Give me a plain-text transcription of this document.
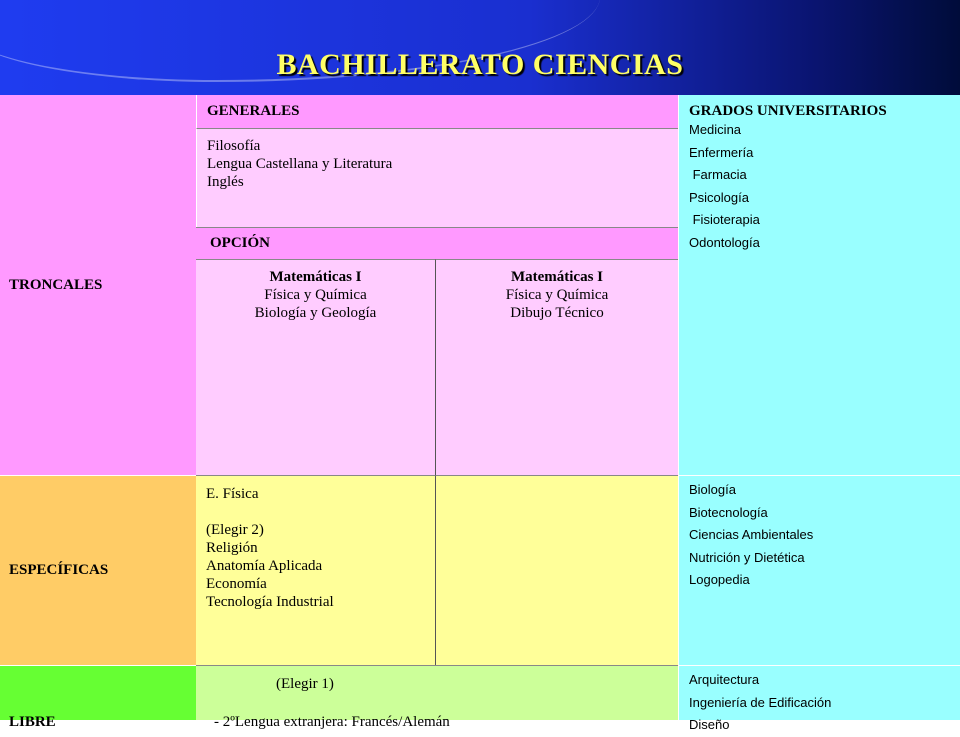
BACHILLERATO CIENCIAS
TRONCALES
GENERALES
Filosofía
Lengua Castellana y Literatura
Inglés
OPCIÓN
Matemáticas I
Física y Química
Biología y Geología
Matemáticas I
Física y Química
Dibujo Técnico
GRADOS UNIVERSITARIOS
Medicina
Enfermería
Farmacia
Psicología
Fisioterapia
Odontología
ESPECÍFICAS
E. Física
(Elegir 2)
Religión
Anatomía Aplicada
Economía
Tecnología Industrial
Biología
Biotecnología
Ciencias Ambientales
Nutrición y Dietética
Logopedia
LIBRE
(Elegir 1)
- 2ºLengua extranjera: Francés/Alemán
Arquitectura
Ingeniería de Edificación
Diseño
